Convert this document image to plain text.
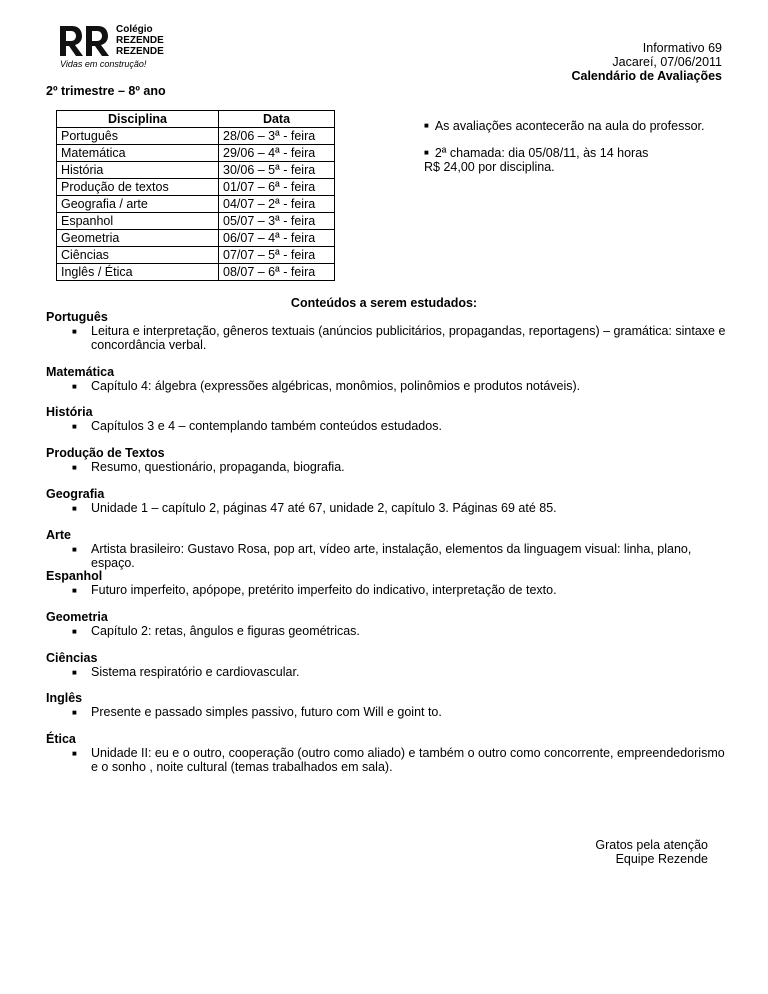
Colégio
REZENDE
REZENDE
Vidas em construção!
Informativo 69
Jacareí, 07/06/2011
Calendário de Avaliações
2º trimestre – 8º ano
Disciplina	Data
Português	28/06 – 3ª - feira
Matemática	29/06 – 4ª - feira
História	30/06 – 5ª - feira
Produção de textos	01/07 – 6ª - feira
Geografia / arte	04/07 – 2ª - feira
Espanhol	05/07 – 3ª - feira
Geometria	06/07 – 4ª - feira
Ciências	07/07 – 5ª - feira
Inglês / Ética	08/07 – 6ª - feira

■ As avaliações acontecerão na aula do professor.

■ 2ª chamada: dia 05/08/11, às 14 horas
R$ 24,00 por disciplina.

Conteúdos a serem estudados:
Português
■ Leitura e interpretação, gêneros textuais (anúncios publicitários, propagandas, reportagens) – gramática: sintaxe e concordância verbal.
Matemática
■ Capítulo 4: álgebra (expressões algébricas, monômios, polinômios e produtos notáveis).
História
■ Capítulos 3 e 4 – contemplando também conteúdos estudados.
Produção de Textos
■ Resumo, questionário, propaganda, biografia.
Geografia
■ Unidade 1 – capítulo 2, páginas 47 até 67, unidade 2, capítulo 3. Páginas 69 até 85.
Arte
■ Artista brasileiro: Gustavo Rosa, pop art, vídeo arte, instalação, elementos da linguagem visual: linha, plano, espaço.
Espanhol
■ Futuro imperfeito, apópope, pretérito imperfeito do indicativo, interpretação de texto.
Geometria
■ Capítulo 2: retas, ângulos e figuras geométricas.
Ciências
■ Sistema respiratório e cardiovascular.
Inglês
■ Presente e passado simples passivo, futuro com Will e goint to.
Ética
■ Unidade II: eu e o outro, cooperação (outro como aliado) e também o outro como concorrente, empreendedorismo e o sonho , noite cultural (temas trabalhados em sala).
Gratos pela atenção
Equipe Rezende
